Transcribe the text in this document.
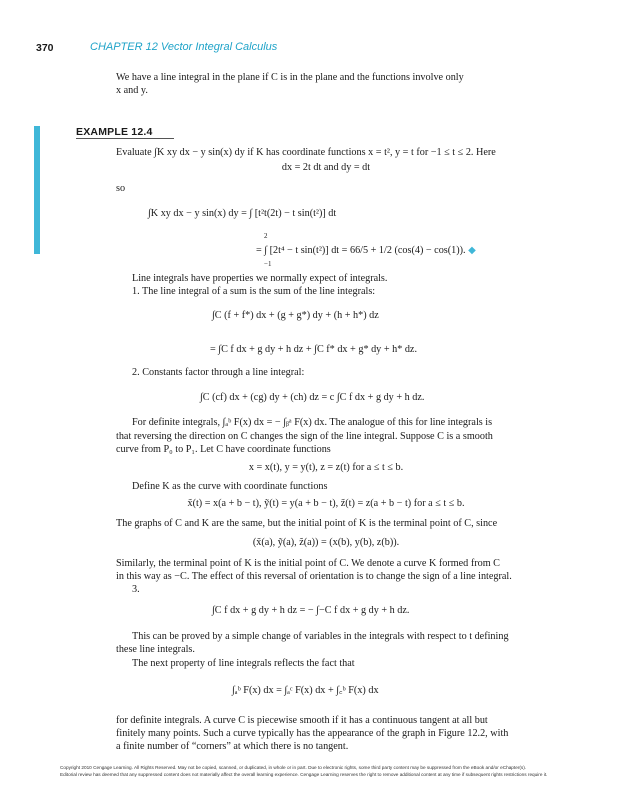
370	CHAPTER 12 Vector Integral Calculus
We have a line integral in the plane if C is in the plane and the functions involve only
x and y.
EXAMPLE 12.4
Evaluate ∫K xy dx − y sin(x) dy if K has coordinate functions x = t², y = t for −1 ≤ t ≤ 2. Here
dx = 2t dt and dy = dt
so
∫K xy dx − y sin(x) dy = ∫ [t²t(2t) − t sin(t²)] dt
= ∫ [2t⁴ − t sin(t²)] dt = 66/5 + 1/2 (cos(4) − cos(1)). ◆
−1
2
Line integrals have properties we normally expect of integrals.
1. The line integral of a sum is the sum of the line integrals:
∫C (f + f*) dx + (g + g*) dy + (h + h*) dz
= ∫C f dx + g dy + h dz + ∫C f* dx + g* dy + h* dz.
2. Constants factor through a line integral:
∫C (cf) dx + (cg) dy + (ch) dz = c ∫C f dx + g dy + h dz.
For definite integrals, ∫ₐᵇ F(x) dx = − ∫ᵦᵃ F(x) dx. The analogue of this for line integrals is
that reversing the direction on C changes the sign of the line integral. Suppose C is a smooth
curve from P₀ to P₁. Let C have coordinate functions
x = x(t), y = y(t), z = z(t) for a ≤ t ≤ b.
Define K as the curve with coordinate functions
x̃(t) = x(a + b − t), ỹ(t) = y(a + b − t), z̃(t) = z(a + b − t) for a ≤ t ≤ b.
The graphs of C and K are the same, but the initial point of K is the terminal point of C, since
(x̃(a), ỹ(a), z̃(a)) = (x(b), y(b), z(b)).
Similarly, the terminal point of K is the initial point of C. We denote a curve K formed from C
in this way as −C. The effect of this reversal of orientation is to change the sign of a line integral.
3.
∫C f dx + g dy + h dz = − ∫−C f dx + g dy + h dz.
This can be proved by a simple change of variables in the integrals with respect to t defining
these line integrals.
The next property of line integrals reflects the fact that
∫ₐᵇ F(x) dx = ∫ₐᶜ F(x) dx + ∫꜀ᵇ F(x) dx
for definite integrals. A curve C is piecewise smooth if it has a continuous tangent at all but
finitely many points. Such a curve typically has the appearance of the graph in Figure 12.2, with
a finite number of “corners” at which there is no tangent.
Copyright 2010 Cengage Learning. All Rights Reserved. May not be copied, scanned, or duplicated, in whole or in part. Due to electronic rights, some third party content may be suppressed from the eBook and/or eChapter(s).
Editorial review has deemed that any suppressed content does not materially affect the overall learning experience. Cengage Learning reserves the right to remove additional content at any time if subsequent rights restrictions require it.
